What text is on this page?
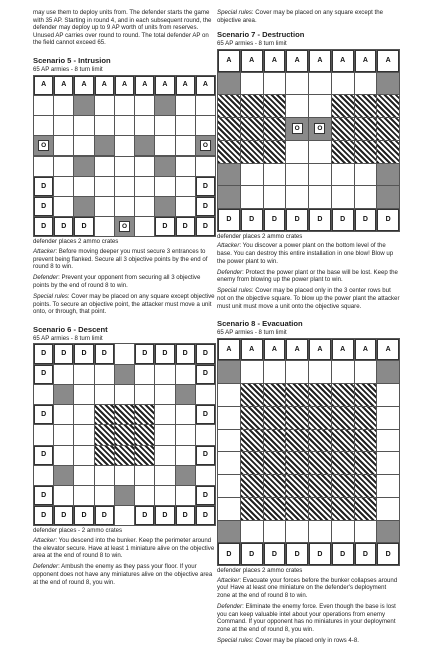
may use them to deploy units from. The defender starts the game with 35 AP. Starting in round 4, and in each subsequent round, the defender may deploy up to 9 AP worth of units from reserves. Unused AP carries over round to round. The total defender AP on the field cannot exceed 65.

Scenario 5 - Intrusion

65 AP armies - 8 turn limit

A	A	A	A	A	A	A	A	A
O	O
D	D
D	D
D	D	D	O	D	D	D

defender places 2 ammo crates

Attacker: Before moving deeper you must secure 3 entrances to prevent being flanked. Secure all 3 objective points by the end of round 8 to win.

Defender: Prevent your opponent from securing all 3 objective points by the end of round 8 to win.

Special rules: Cover may be placed on any square except objective points. To secure an objective point, the attacker must move a unit onto, or through, that point.

Scenario 6 - Descent

65 AP armies - 8 turn limit

D	D	D	D	D	D	D	D
D	D
D	D
D	D
D	D
D	D	D	D	D	D	D	D

defender places - 2 ammo crates

Attacker: You descend into the bunker. Keep the perimeter around the elevator secure. Have at least 1 miniature alive on the objective area at the end of round 8 to win.

Defender: Ambush the enemy as they pass your floor. If your opponent does not have any miniatures alive on the objective area at the end of round 8, you win.

Special rules: Cover may be placed on any square except the objective area.

Scenario 7 - Destruction

65 AP armies - 8 turn limit

A	A	A	A	A	A	A	A
O	O
D	D	D	D	D	D	D	D

defender places 2 ammo crates

Attacker: You discover a power plant on the bottom level of the base. You can destroy this entire installation in one blow! Blow up the power plant to win.

Defender: Protect the power plant or the base will be lost. Keep the enemy from blowing up the power plant to win.

Special rules: Cover may be placed only in the 3 center rows but not on the objective square. To blow up the power plant the attacker must unit must move a unit onto the objective square.

Scenario 8 - Evacuation

65 AP armies - 8 turn limit

A	A	A	A	A	A	A	A
D	D	D	D	D	D	D	D

defender places 2 ammo crates

Attacker: Evacuate your forces before the bunker collapses around you! Have at least one miniature on the defender's deployment zone at the end of round 8 to win.

Defender: Eliminate the enemy force. Even though the base is lost you can keep valuable intel about your operations from enemy Command. If your opponent has no miniatures in your deployment zone at the end of round 8, you win.

Special rules: Cover may be placed only in rows 4-8.
